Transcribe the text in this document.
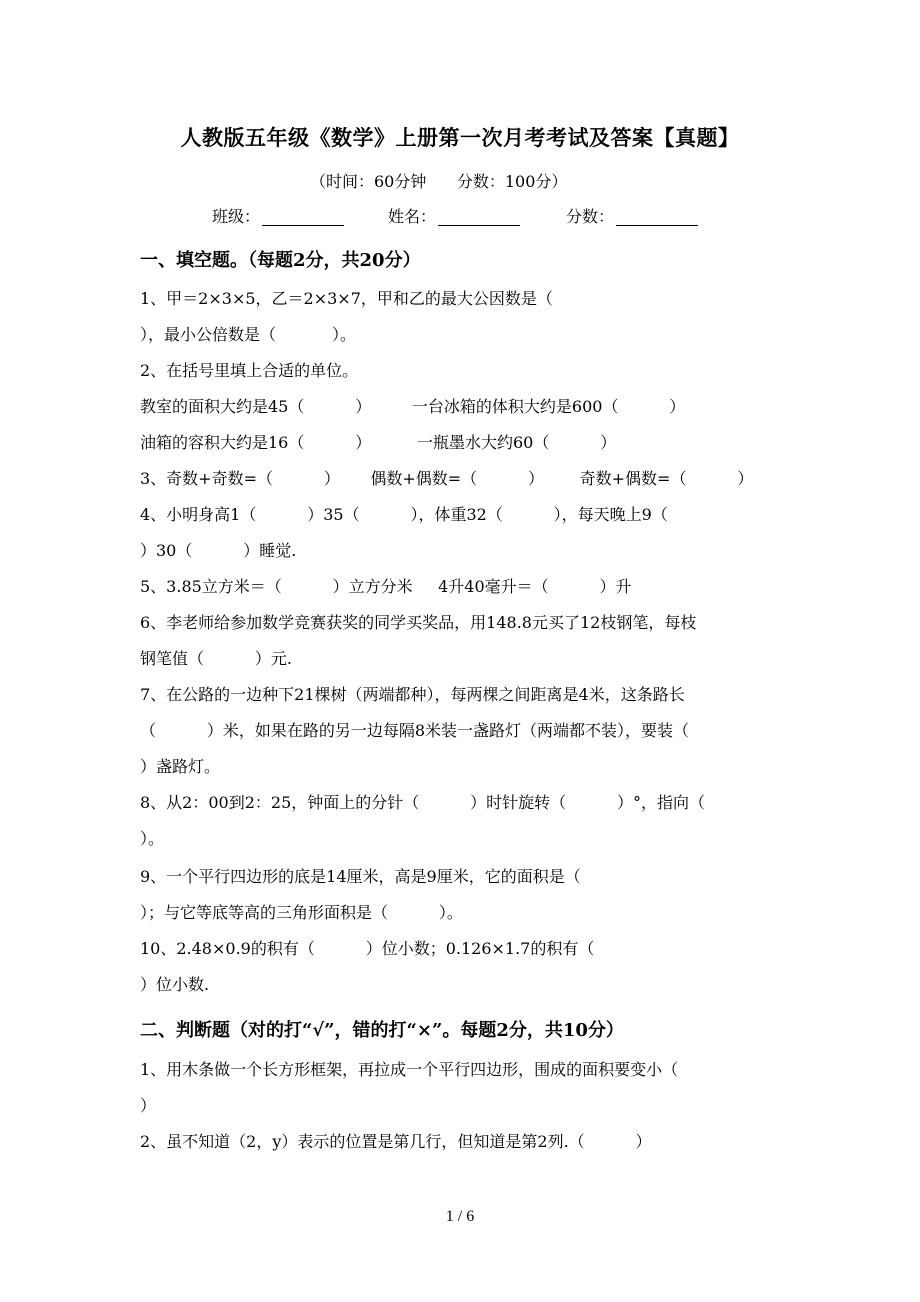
人教版五年级《数学》上册第一次月考考试及答案【真题】
（时间：60分钟      分数：100分）
班级：	姓名：	分数：
一、填空题。（每题2分，共20分）
1、甲＝2×3×5，乙＝2×3×7，甲和乙的最大公因数是（
），最小公倍数是（           ）。
2、在括号里填上合适的单位。
教室的面积大约是45（          ）        一台冰箱的体积大约是600（          ）
油箱的容积大约是16（          ）         一瓶墨水大约60（          ）
3、奇数+奇数=（          ）      偶数+偶数=（          ）       奇数+偶数=（          ）
4、小明身高1（          ）35（          ），体重32（          ），每天晚上9（
）30（          ）睡觉.
5、3.85立方米＝（          ）立方分米     4升40毫升＝（          ）升
6、李老师给参加数学竞赛获奖的同学买奖品，用148.8元买了12枝钢笔，每枝
钢笔值（          ）元.
7、在公路的一边种下21棵树（两端都种），每两棵之间距离是4米，这条路长
（          ）米，如果在路的另一边每隔8米装一盏路灯（两端都不装），要装（
）盏路灯。
8、从2：00到2：25，钟面上的分针（          ）时针旋转（          ）°，指向（
）。
9、一个平行四边形的底是14厘米，高是9厘米，它的面积是（
）；与它等底等高的三角形面积是（          ）。
10、2.48×0.9的积有（          ）位小数；0.126×1.7的积有（
）位小数.
二、判断题（对的打“√”，错的打“×”。每题2分，共10分）
1、用木条做一个长方形框架，再拉成一个平行四边形，围成的面积要变小（
）
2、虽不知道（2，y）表示的位置是第几行，但知道是第2列.（          ）
1 / 6
